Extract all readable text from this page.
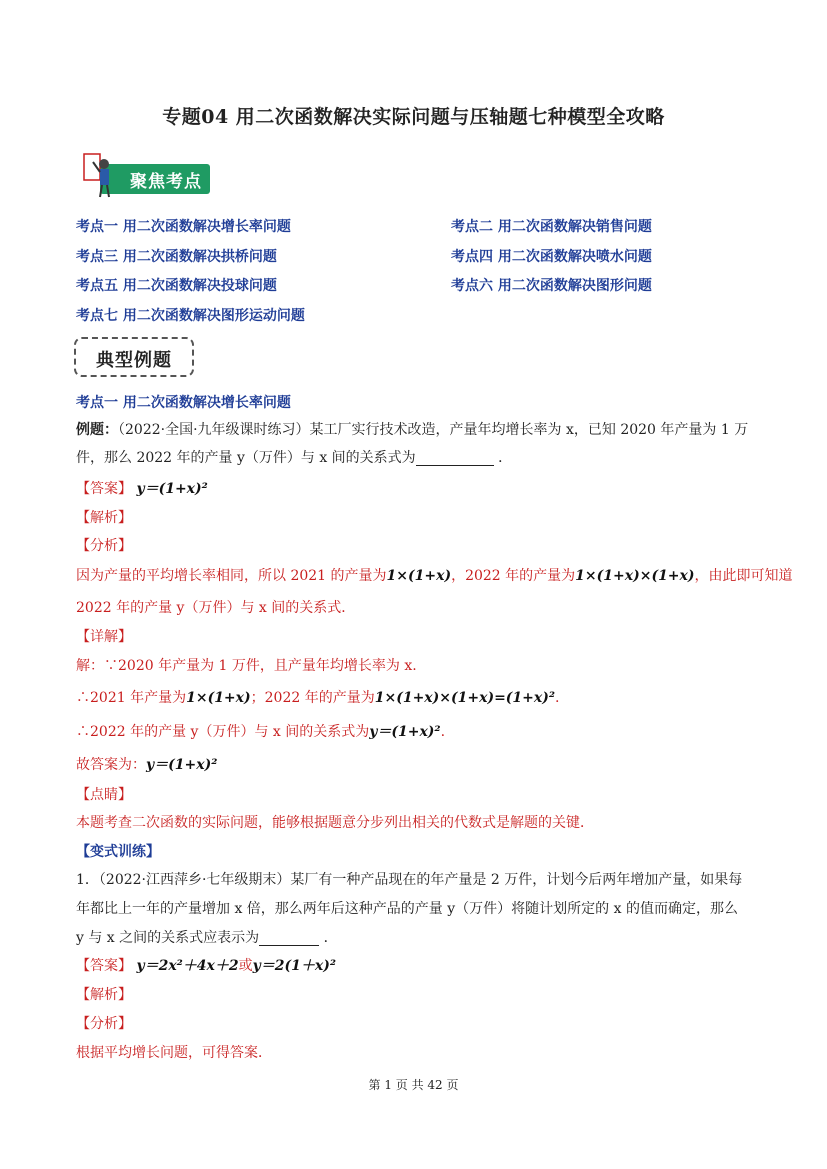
专题04 用二次函数解决实际问题与压轴题七种模型全攻略
聚焦考点
考点一 用二次函数解决增长率问题	考点二 用二次函数解决销售问题
考点三 用二次函数解决拱桥问题	考点四 用二次函数解决喷水问题
考点五 用二次函数解决投球问题	考点六 用二次函数解决图形问题
考点七 用二次函数解决图形运动问题
典型例题
考点一 用二次函数解决增长率问题
例题：（2022·全国·九年级课时练习）某工厂实行技术改造，产量年均增长率为 x，已知 2020 年产量为 1 万
件，那么 2022 年的产量 y（万件）与 x 间的关系式为	．
【答案】 y＝(1+x)²
【解析】
【分析】
因为产量的平均增长率相同，所以 2021 的产量为1×(1+x)，2022 年的产量为1×(1+x)×(1+x)，由此即可知道
2022 年的产量 y（万件）与 x 间的关系式．
【详解】
解：∵2020 年产量为 1 万件，且产量年均增长率为 x.
∴2021 年产量为1×(1+x)；2022 年的产量为1×(1+x)×(1+x)=(1+x)².
∴2022 年的产量 y（万件）与 x 间的关系式为y＝(1+x)².
故答案为：y＝(1+x)²
【点睛】
本题考查二次函数的实际问题，能够根据题意分步列出相关的代数式是解题的关键．
【变式训练】
1．（2022·江西萍乡·七年级期末）某厂有一种产品现在的年产量是 2 万件，计划今后两年增加产量，如果每
年都比上一年的产量增加 x 倍，那么两年后这种产品的产量 y（万件）将随计划所定的 x 的值而确定，那么
y 与 x 之间的关系式应表示为	．
【答案】 y＝2x²＋4x＋2或y＝2(1＋x)²
【解析】
【分析】
根据平均增长问题，可得答案．
第 1 页 共 42 页
